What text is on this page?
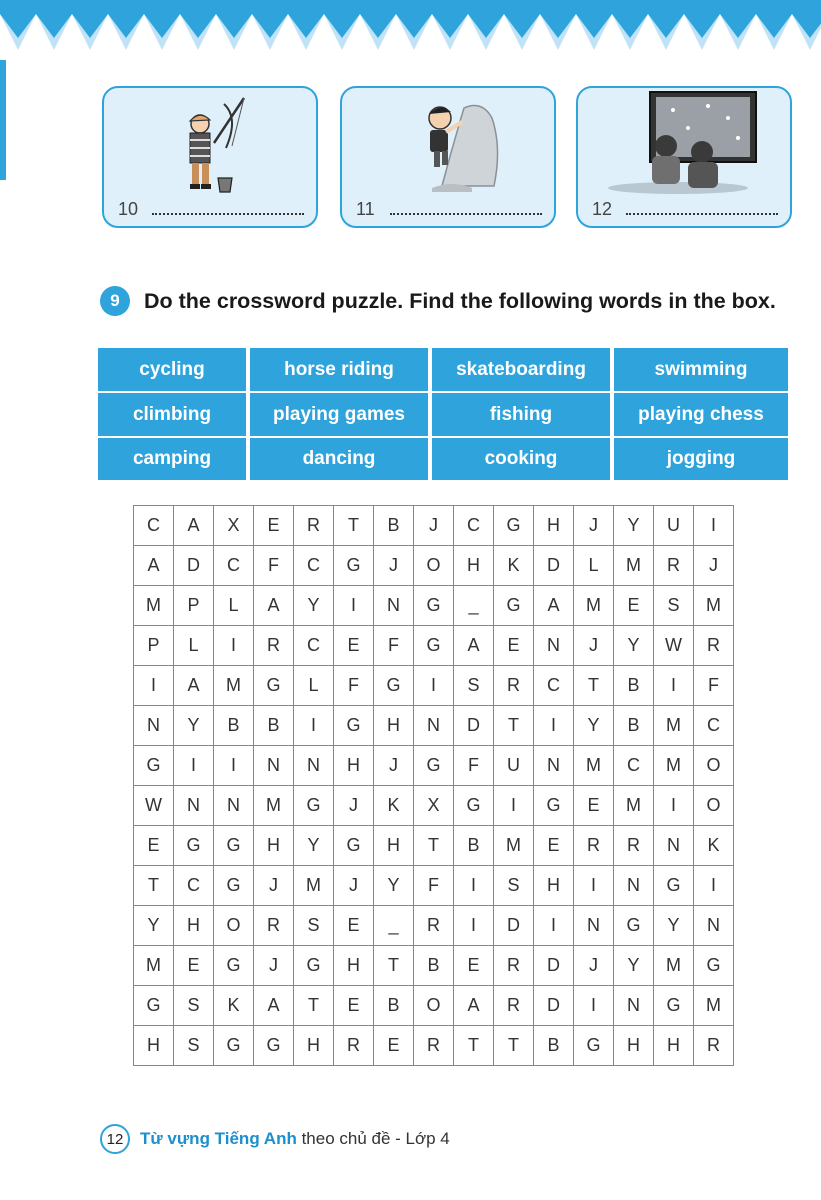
10	11	12
9	Do the crossword puzzle. Find the following words in the box.
cycling	horse riding	skateboarding	swimming
climbing	playing games	fishing	playing chess
camping	dancing	cooking	jogging
C	A	X	E	R	T	B	J	C	G	H	J	Y	U	I
A	D	C	F	C	G	J	O	H	K	D	L	M	R	J
M	P	L	A	Y	I	N	G	_	G	A	M	E	S	M
P	L	I	R	C	E	F	G	A	E	N	J	Y	W	R
I	A	M	G	L	F	G	I	S	R	C	T	B	I	F
N	Y	B	B	I	G	H	N	D	T	I	Y	B	M	C
G	I	I	N	N	H	J	G	F	U	N	M	C	M	O
W	N	N	M	G	J	K	X	G	I	G	E	M	I	O
E	G	G	H	Y	G	H	T	B	M	E	R	R	N	K
T	C	G	J	M	J	Y	F	I	S	H	I	N	G	I
Y	H	O	R	S	E	_	R	I	D	I	N	G	Y	N
M	E	G	J	G	H	T	B	E	R	D	J	Y	M	G
G	S	K	A	T	E	B	O	A	R	D	I	N	G	M
H	S	G	G	H	R	E	R	T	T	B	G	H	H	R
12 Từ vựng Tiếng Anh theo chủ đề - Lớp 4
